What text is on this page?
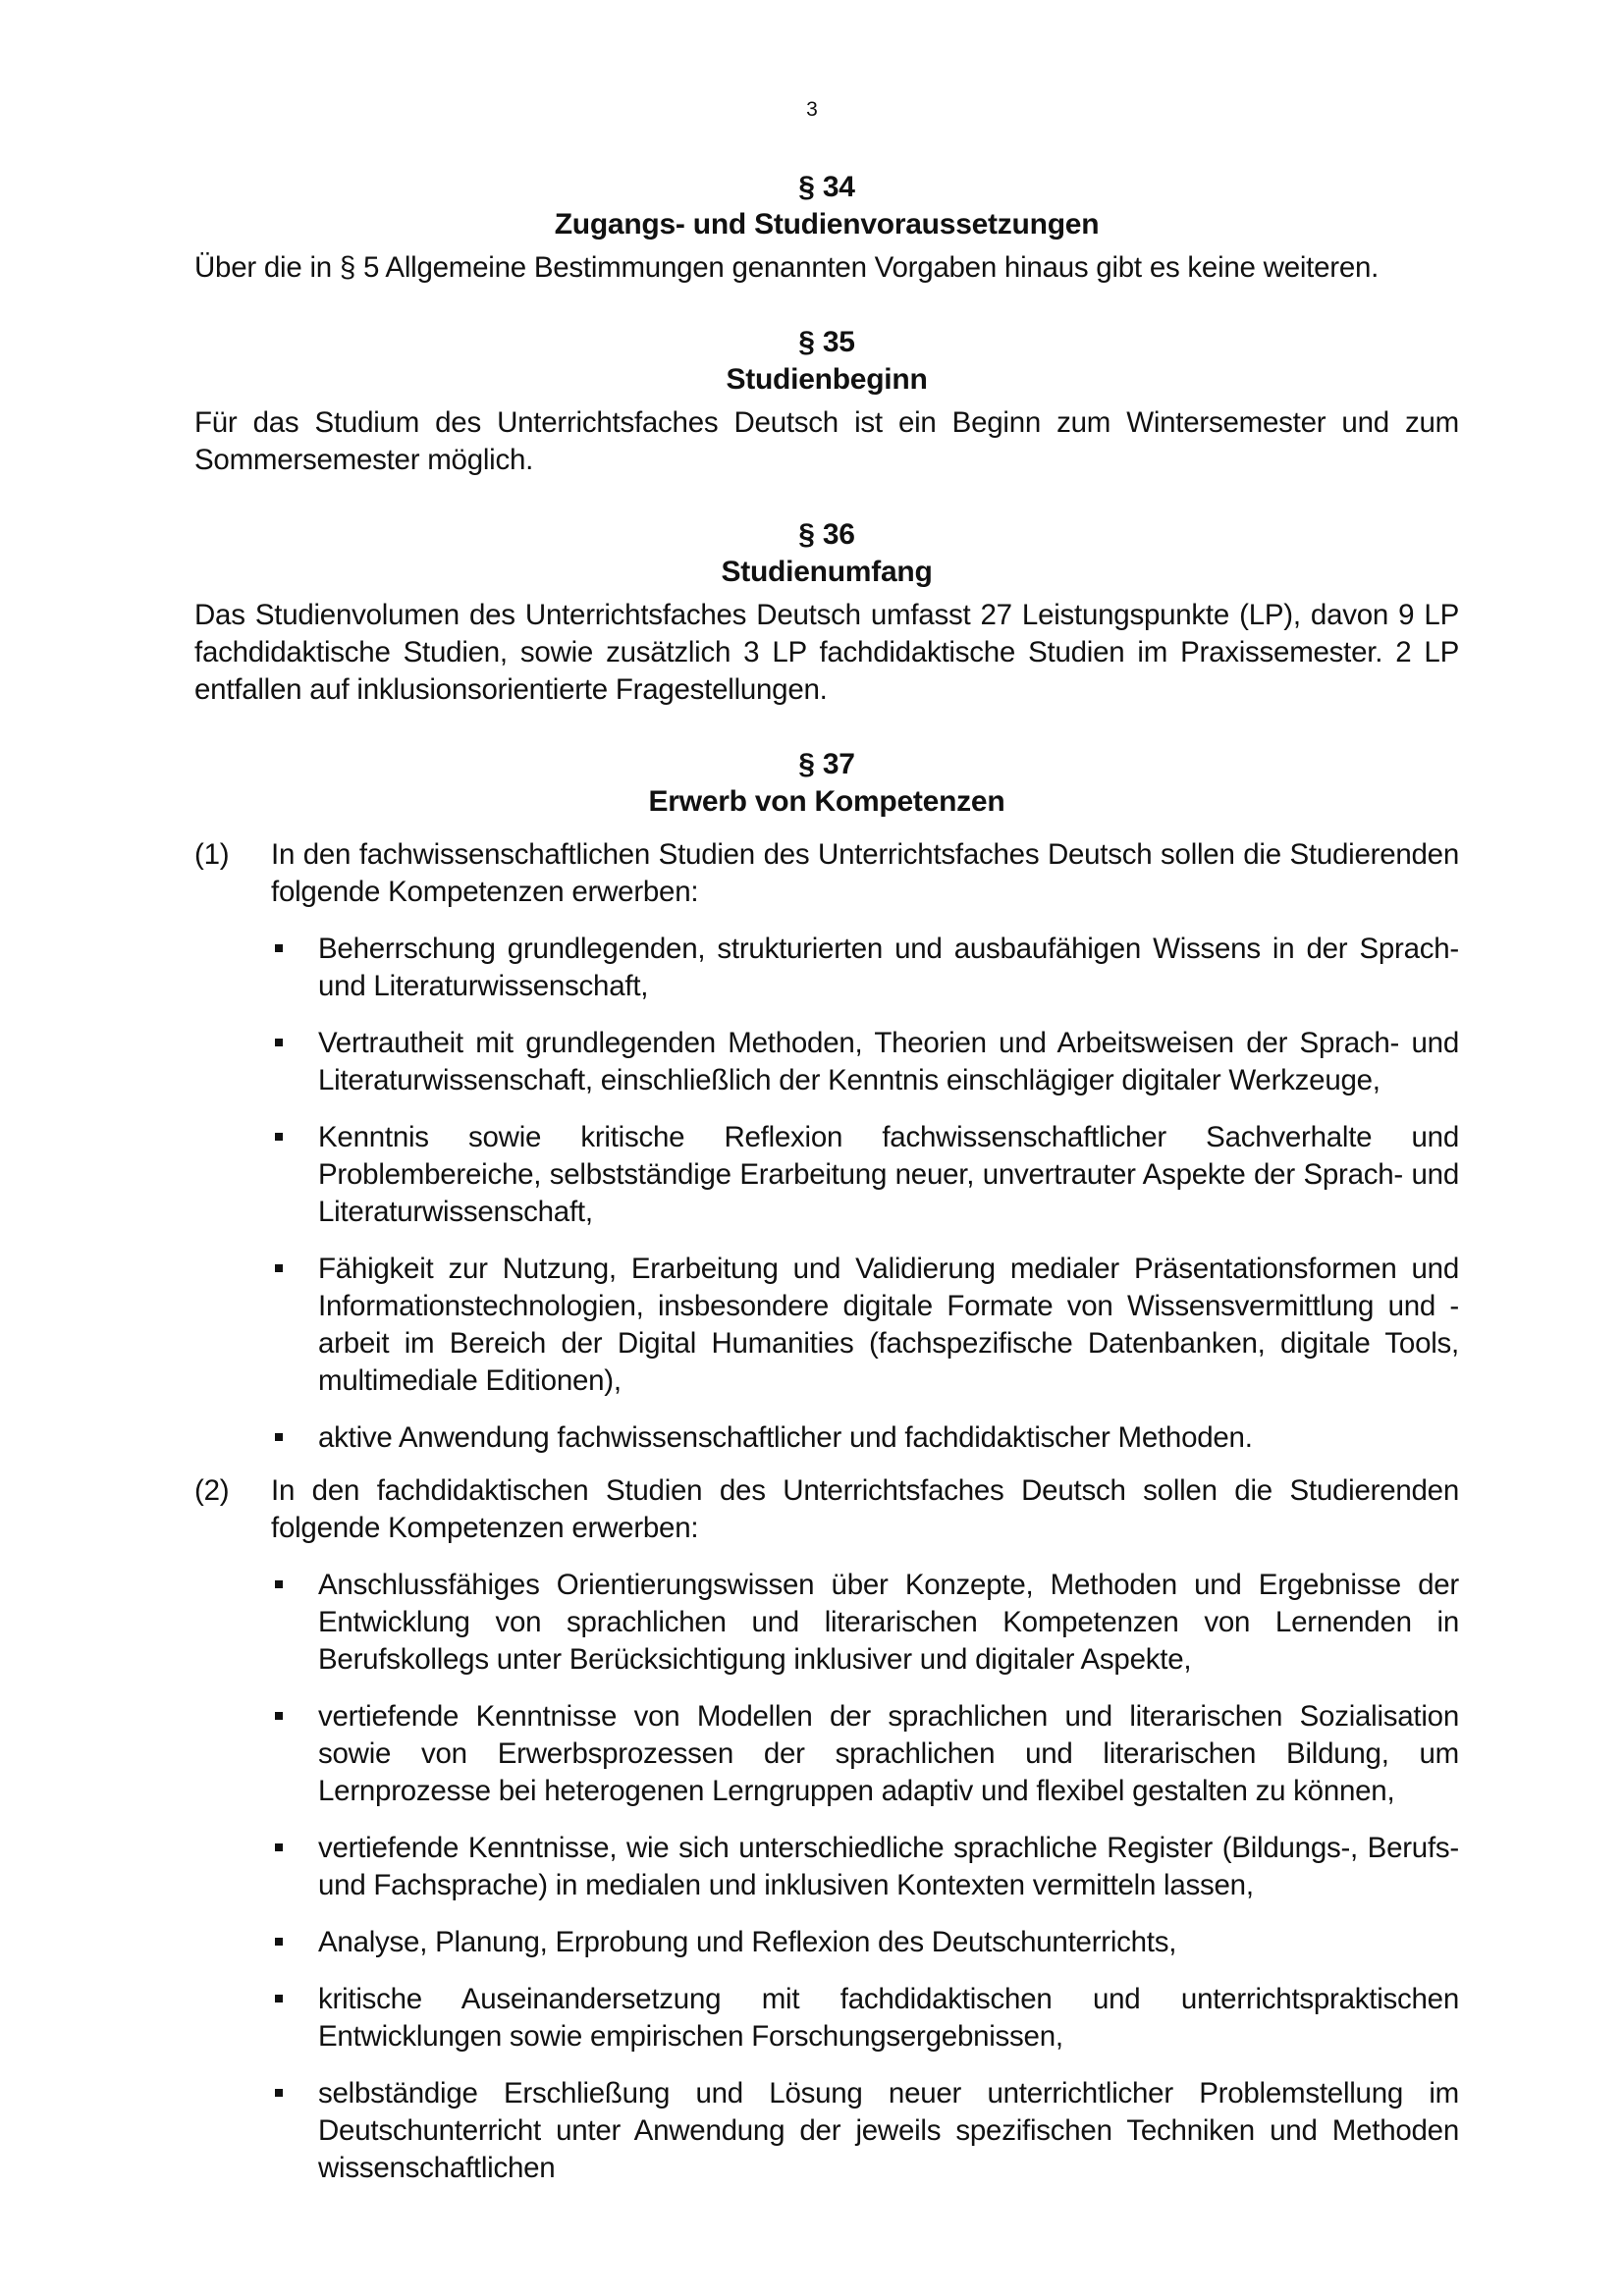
3
§ 34
Zugangs- und Studienvoraussetzungen

Über die in § 5 Allgemeine Bestimmungen genannten Vorgaben hinaus gibt es keine weiteren.

§ 35
Studienbeginn

Für das Studium des Unterrichtsfaches Deutsch ist ein Beginn zum Wintersemester und zum Sommersemester möglich.

§ 36
Studienumfang

Das Studienvolumen des Unterrichtsfaches Deutsch umfasst 27 Leistungspunkte (LP), davon 9 LP fachdidaktische Studien, sowie zusätzlich 3 LP fachdidaktische Studien im Praxissemester. 2 LP entfallen auf inklusionsorientierte Fragestellungen.

§ 37
Erwerb von Kompetenzen
(1)	In den fachwissenschaftlichen Studien des Unterrichtsfaches Deutsch sollen die Studierenden folgende Kompetenzen erwerben:
Beherrschung grundlegenden, strukturierten und ausbaufähigen Wissens in der Sprach- und Literaturwissenschaft,
Vertrautheit mit grundlegenden Methoden, Theorien und Arbeitsweisen der Sprach- und Literaturwissenschaft, einschließlich der Kenntnis einschlägiger digitaler Werkzeuge,
Kenntnis sowie kritische Reflexion fachwissenschaftlicher Sachverhalte und Problembereiche, selbstständige Erarbeitung neuer, unvertrauter Aspekte der Sprach- und Literaturwissenschaft,
Fähigkeit zur Nutzung, Erarbeitung und Validierung medialer Präsentationsformen und Informationstechnologien, insbesondere digitale Formate von Wissensvermittlung und -arbeit im Bereich der Digital Humanities (fachspezifische Datenbanken, digitale Tools, multimediale Editionen),
aktive Anwendung fachwissenschaftlicher und fachdidaktischer Methoden.
(2)	In den fachdidaktischen Studien des Unterrichtsfaches Deutsch sollen die Studierenden folgende Kompetenzen erwerben:
Anschlussfähiges Orientierungswissen über Konzepte, Methoden und Ergebnisse der Entwicklung von sprachlichen und literarischen Kompetenzen von Lernenden in Berufskollegs unter Berücksichtigung inklusiver und digitaler Aspekte,
vertiefende Kenntnisse von Modellen der sprachlichen und literarischen Sozialisation sowie von Erwerbsprozessen der sprachlichen und literarischen Bildung, um Lernprozesse bei heterogenen Lerngruppen adaptiv und flexibel gestalten zu können,
vertiefende Kenntnisse, wie sich unterschiedliche sprachliche Register (Bildungs-, Berufs- und Fachsprache) in medialen und inklusiven Kontexten vermitteln lassen,
Analyse, Planung, Erprobung und Reflexion des Deutschunterrichts,
kritische Auseinandersetzung mit fachdidaktischen und unterrichtspraktischen Entwicklungen sowie empirischen Forschungsergebnissen,
selbständige Erschließung und Lösung neuer unterrichtlicher Problemstellung im Deutschunterricht unter Anwendung der jeweils spezifischen Techniken und Methoden wissenschaftlichen
